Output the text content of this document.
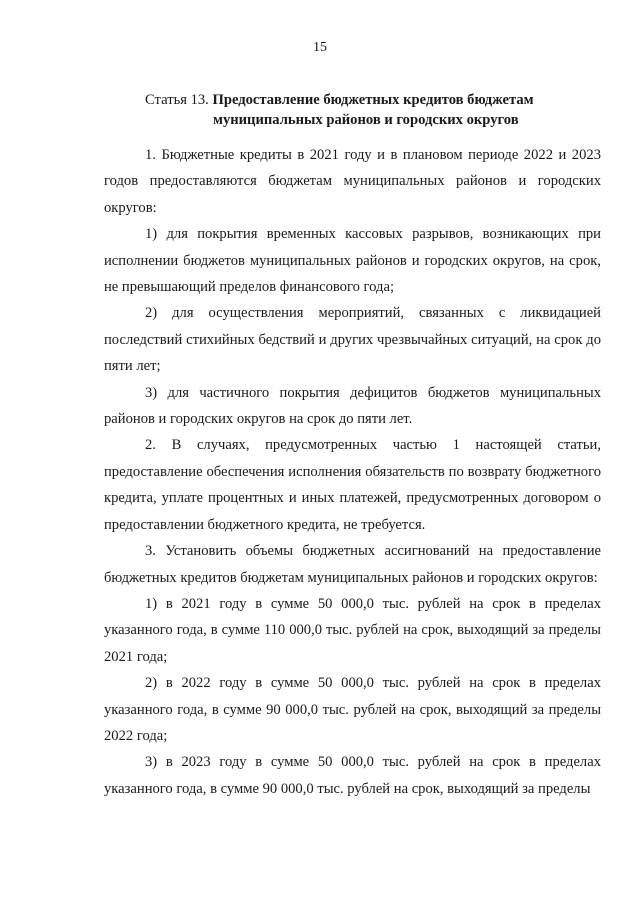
15
Статья 13. Предоставление бюджетных кредитов бюджетам
муниципальных районов и городских округов

1. Бюджетные кредиты в 2021 году и в плановом периоде 2022 и 2023 годов предоставляются бюджетам муниципальных районов и городских округов:

1) для покрытия временных кассовых разрывов, возникающих при исполнении бюджетов муниципальных районов и городских округов, на срок, не превышающий пределов финансового года;

2) для осуществления мероприятий, связанных с ликвидацией последствий стихийных бедствий и других чрезвычайных ситуаций, на срок до пяти лет;

3) для частичного покрытия дефицитов бюджетов муниципальных районов и городских округов на срок до пяти лет.

2. В случаях, предусмотренных частью 1 настоящей статьи, предоставление обеспечения исполнения обязательств по возврату бюджетного кредита, уплате процентных и иных платежей, предусмотренных договором о предоставлении бюджетного кредита, не требуется.

3. Установить объемы бюджетных ассигнований на предоставление бюджетных кредитов бюджетам муниципальных районов и городских округов:

1) в 2021 году в сумме 50 000,0 тыс. рублей на срок в пределах указанного года, в сумме 110 000,0 тыс. рублей на срок, выходящий за пределы 2021 года;

2) в 2022 году в сумме 50 000,0 тыс. рублей на срок в пределах указанного года, в сумме 90 000,0 тыс. рублей на срок, выходящий за пределы 2022 года;

3) в 2023 году в сумме 50 000,0 тыс. рублей на срок в пределах указанного года, в сумме 90 000,0 тыс. рублей на срок, выходящий за пределы
